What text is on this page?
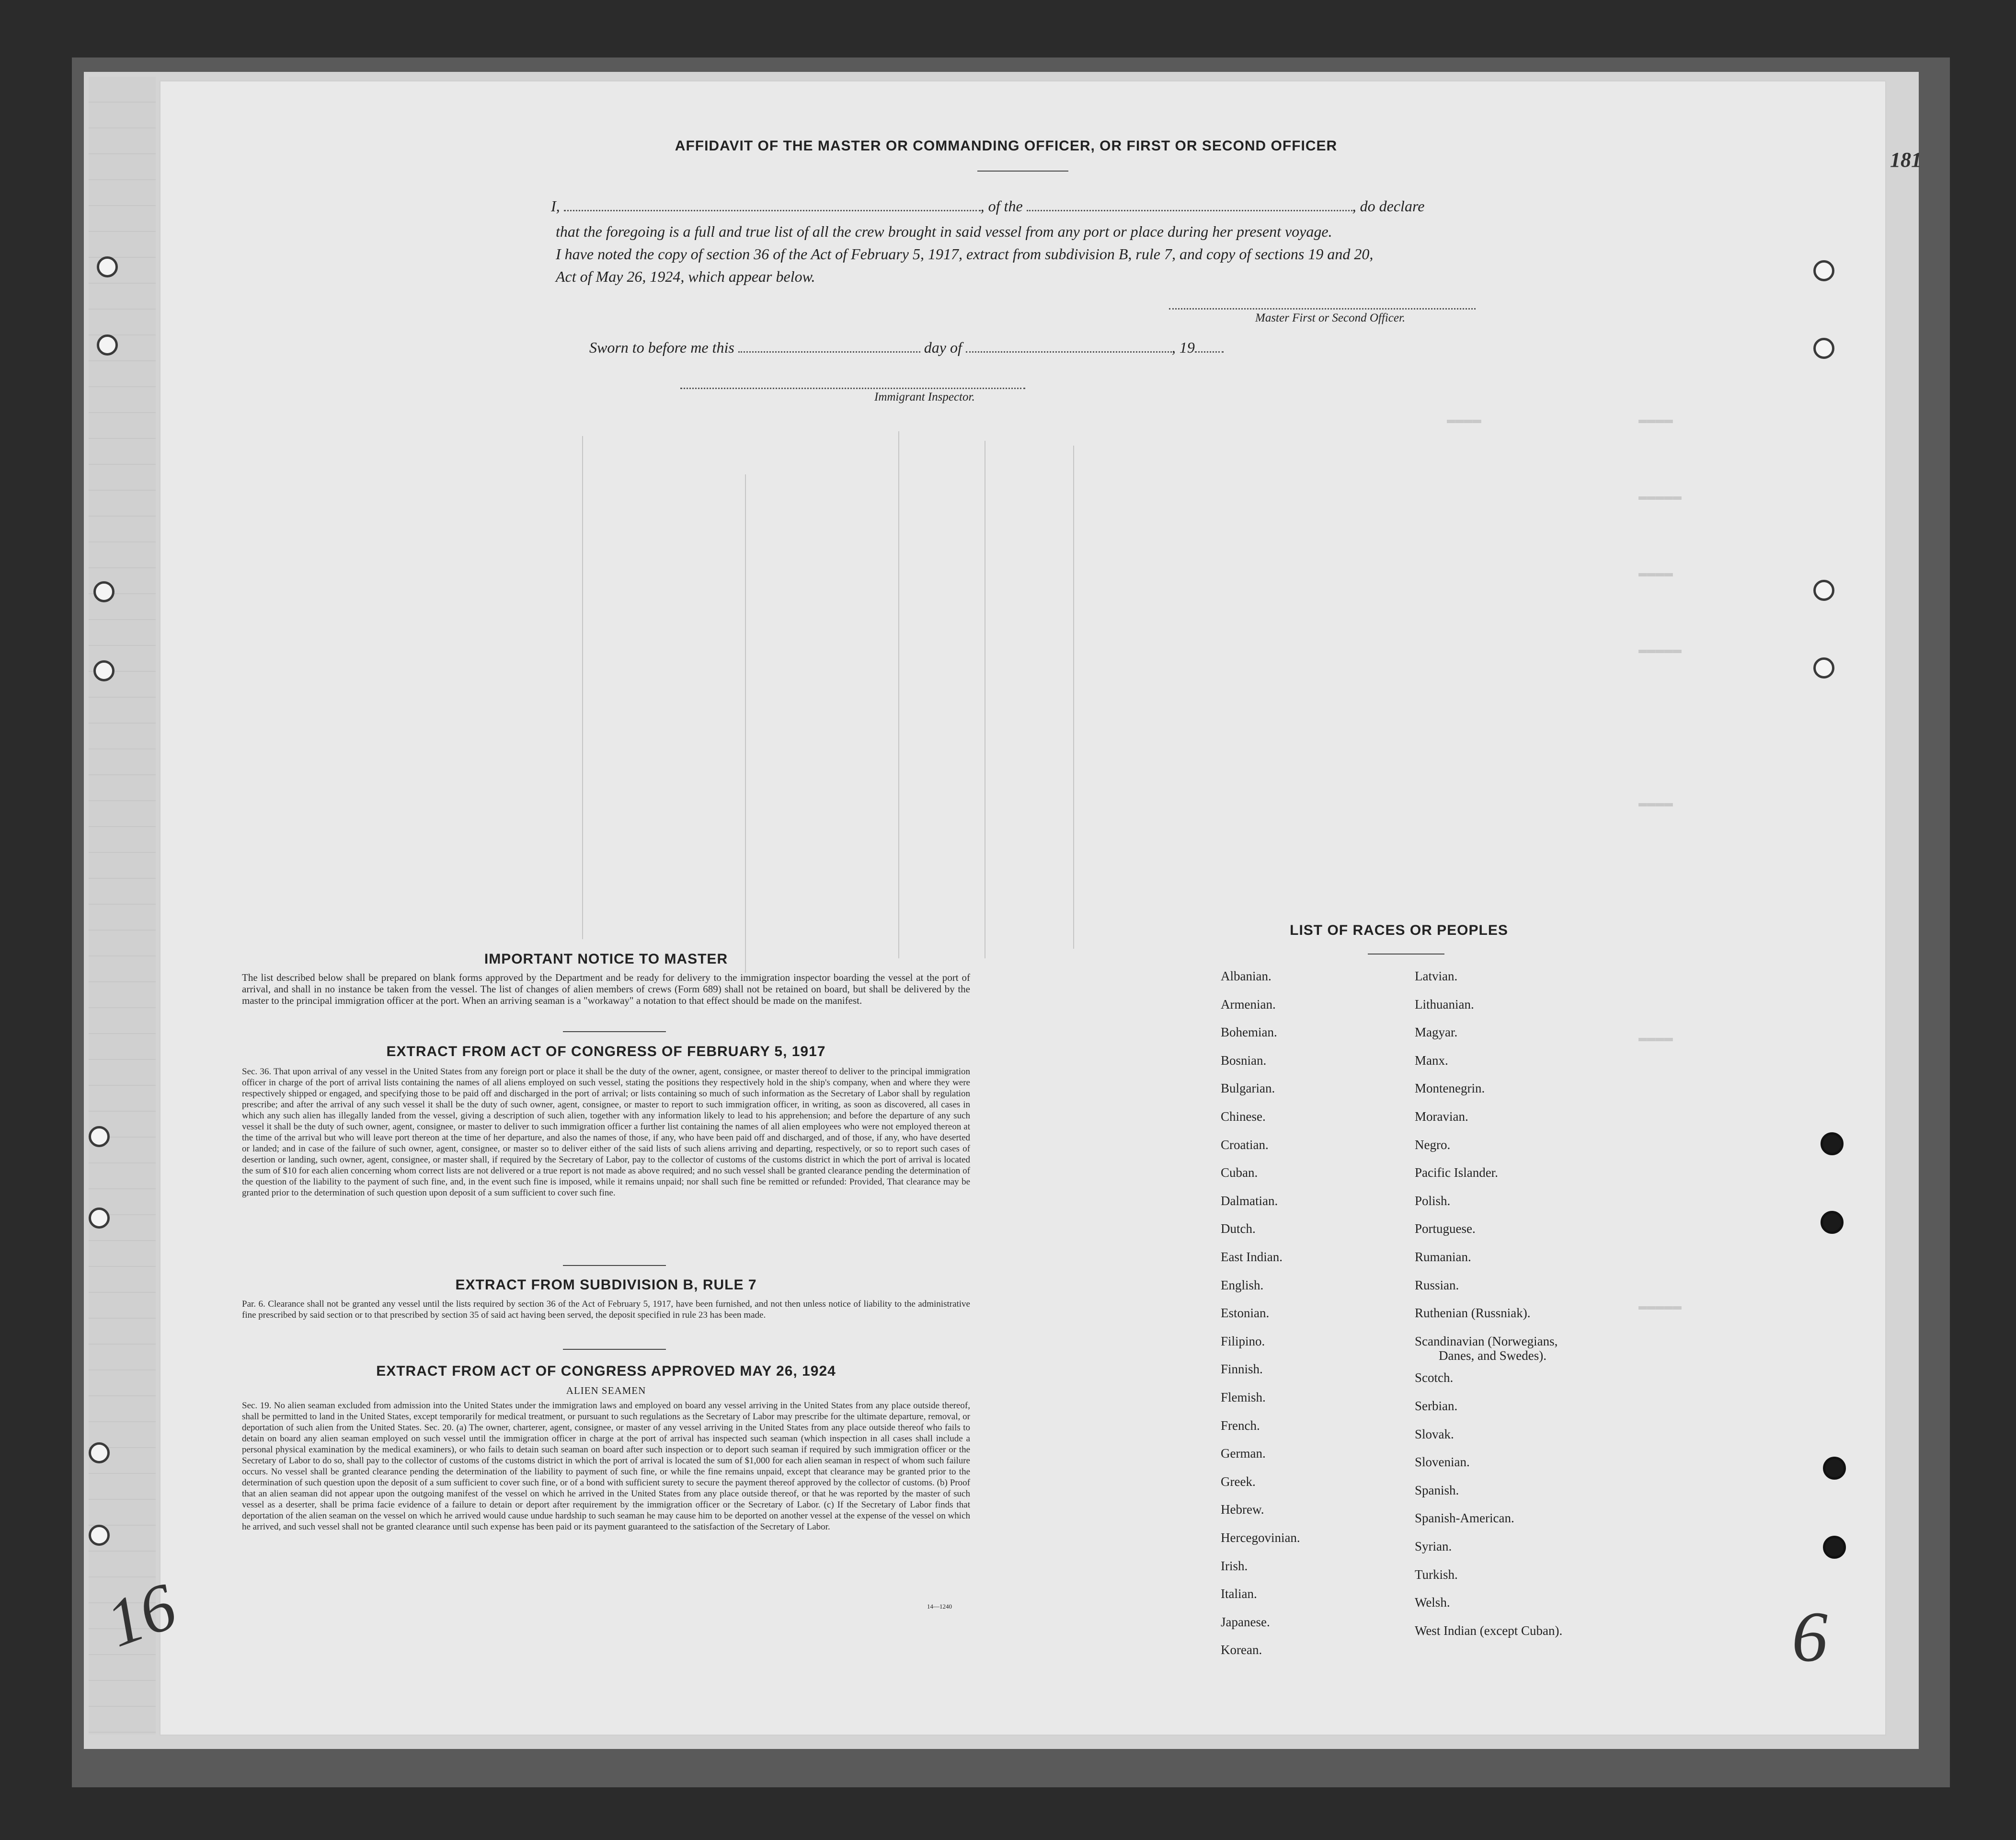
▬▬▬▬
▬▬▬▬
▬▬▬▬▬
▬▬▬▬
▬▬▬▬▬
▬▬▬▬
▬▬▬▬
▬▬▬▬▬
181
AFFIDAVIT OF THE MASTER OR COMMANDING OFFICER, OR FIRST OR SECOND OFFICER
I,	, of the	, do declare
that the foregoing is a full and true list of all the crew brought in said vessel from any port or place during her present voyage.
I have noted the copy of section 36 of the Act of February 5, 1917, extract from subdivision B, rule 7, and copy of sections 19 and 20,
Act of May 26, 1924, which appear below.
Master First or Second Officer.
Sworn to before me this	day of	, 19
Immigrant Inspector.
IMPORTANT NOTICE TO MASTER
The list described below shall be prepared on blank forms approved by the Department and be ready for delivery to the immigration inspector boarding the vessel at the port of arrival, and shall in no instance be taken from the vessel. The list of changes of alien members of crews (Form 689) shall not be retained on board, but shall be delivered by the master to the principal immigration officer at the port. When an arriving seaman is a "workaway" a notation to that effect should be made on the manifest.
EXTRACT FROM ACT OF CONGRESS OF FEBRUARY 5, 1917
Sec. 36. That upon arrival of any vessel in the United States from any foreign port or place it shall be the duty of the owner, agent, consignee, or master thereof to deliver to the principal immigration officer in charge of the port of arrival lists containing the names of all aliens employed on such vessel, stating the positions they respectively hold in the ship's company, when and where they were respectively shipped or engaged, and specifying those to be paid off and discharged in the port of arrival; or lists containing so much of such information as the Secretary of Labor shall by regulation prescribe; and after the arrival of any such vessel it shall be the duty of such owner, agent, consignee, or master to report to such immigration officer, in writing, as soon as discovered, all cases in which any such alien has illegally landed from the vessel, giving a description of such alien, together with any information likely to lead to his apprehension; and before the departure of any such vessel it shall be the duty of such owner, agent, consignee, or master to deliver to such immigration officer a further list containing the names of all alien employees who were not employed thereon at the time of the arrival but who will leave port thereon at the time of her departure, and also the names of those, if any, who have been paid off and discharged, and of those, if any, who have deserted or landed; and in case of the failure of such owner, agent, consignee, or master so to deliver either of the said lists of such aliens arriving and departing, respectively, or so to report such cases of desertion or landing, such owner, agent, consignee, or master shall, if required by the Secretary of Labor, pay to the collector of customs of the customs district in which the port of arrival is located the sum of $10 for each alien concerning whom correct lists are not delivered or a true report is not made as above required; and no such vessel shall be granted clearance pending the determination of the question of the liability to the payment of such fine, and, in the event such fine is imposed, while it remains unpaid; nor shall such fine be remitted or refunded: Provided, That clearance may be granted prior to the determination of such question upon deposit of a sum sufficient to cover such fine.
EXTRACT FROM SUBDIVISION B, RULE 7
Par. 6. Clearance shall not be granted any vessel until the lists required by section 36 of the Act of February 5, 1917, have been furnished, and not then unless notice of liability to the administrative fine prescribed by said section or to that prescribed by section 35 of said act having been served, the deposit specified in rule 23 has been made.
EXTRACT FROM ACT OF CONGRESS APPROVED MAY 26, 1924
ALIEN SEAMEN
Sec. 19. No alien seaman excluded from admission into the United States under the immigration laws and employed on board any vessel arriving in the United States from any place outside thereof, shall be permitted to land in the United States, except temporarily for medical treatment, or pursuant to such regulations as the Secretary of Labor may prescribe for the ultimate departure, removal, or deportation of such alien from the United States. Sec. 20. (a) The owner, charterer, agent, consignee, or master of any vessel arriving in the United States from any place outside thereof who fails to detain on board any alien seaman employed on such vessel until the immigration officer in charge at the port of arrival has inspected such seaman (which inspection in all cases shall include a personal physical examination by the medical examiners), or who fails to detain such seaman on board after such inspection or to deport such seaman if required by such immigration officer or the Secretary of Labor to do so, shall pay to the collector of customs of the customs district in which the port of arrival is located the sum of $1,000 for each alien seaman in respect of whom such failure occurs. No vessel shall be granted clearance pending the determination of the liability to payment of such fine, or while the fine remains unpaid, except that clearance may be granted prior to the determination of such question upon the deposit of a sum sufficient to cover such fine, or of a bond with sufficient surety to secure the payment thereof approved by the collector of customs. (b) Proof that an alien seaman did not appear upon the outgoing manifest of the vessel on which he arrived in the United States from any place outside thereof, or that he was reported by the master of such vessel as a deserter, shall be prima facie evidence of a failure to detain or deport after requirement by the immigration officer or the Secretary of Labor. (c) If the Secretary of Labor finds that deportation of the alien seaman on the vessel on which he arrived would cause undue hardship to such seaman he may cause him to be deported on another vessel at the expense of the vessel on which he arrived, and such vessel shall not be granted clearance until such expense has been paid or its payment guaranteed to the satisfaction of the Secretary of Labor.
14—1240
LIST OF RACES OR PEOPLES
Albanian.
Armenian.
Bohemian.
Bosnian.
Bulgarian.
Chinese.
Croatian.
Cuban.
Dalmatian.
Dutch.
East Indian.
English.
Estonian.
Filipino.
Finnish.
Flemish.
French.
German.
Greek.
Hebrew.
Hercegovinian.
Irish.
Italian.
Japanese.
Korean.
Latvian.
Lithuanian.
Magyar.
Manx.
Montenegrin.
Moravian.
Negro.
Pacific Islander.
Polish.
Portuguese.
Rumanian.
Russian.
Ruthenian (Russniak).
Scandinavian (Norwegians,
Danes, and Swedes).
Scotch.
Serbian.
Slovak.
Slovenian.
Spanish.
Spanish-American.
Syrian.
Turkish.
Welsh.
West Indian (except Cuban).	6
16
